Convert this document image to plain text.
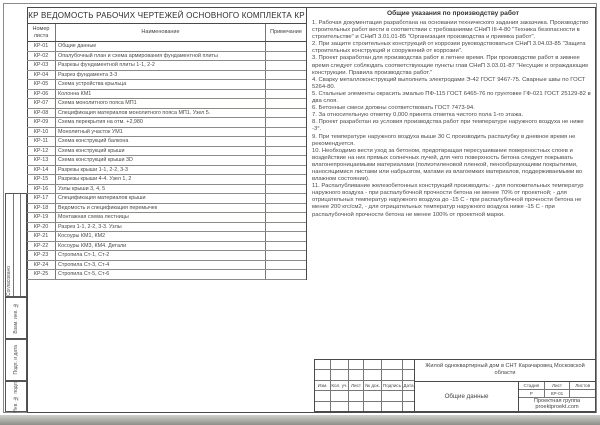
КР ВЕДОМОСТЬ РАБОЧИХ ЧЕРТЕЖЕЙ ОСНОВНОГО КОМПЛЕКТА КР
Номер листа
Наименование	Примечание
КР-01	Общие данные
КР-02	Опалубочный план и схема армирования фундаментной плиты
КР-03	Разрезы фундаментной плиты 1-1, 2-2
КР-04	Разрез фундамента 3-3
КР-05	Схема устройства крыльца
КР-06	Колонна КМ1
КР-07	Схема монолитного пояса МП1
КР-08	Спецификация материалов монолитного пояса МП1. Узел 5.
КР-09	Схема перекрытия на отм. +2,980
КР-10	Монолитный участок УМ1
КР-11	Схема конструкций балкона
КР-12	Схема конструкций крыши
КР-13	Схема конструкций крыши 3D
КР-14	Разрезы крыши 1-1, 2-2, 3-3
КР-15	Разрезы крыши 4-4. Узел 1, 2
КР-16	Узлы крыши 3, 4, 5
КР-17	Спецификация материалов крыши
КР-18	Ведомость и спецификация перемычек
КР-19	Монтажная схема лестницы
КР-20	Разрез 1-1, 2-2, 3-3. Узлы
КР-21	Косоуры КМ1, КМ2
КР-22	Косоуры КМ3, КМ4. Детали
КР-23	Стропила Ст-1, Ст-2
КР-24	Стропила Ст-3, Ст-4
КР-25	Стропила Ст-5, Ст-6
Общие указания по производству работ
1. Рабочая документация разработана на основании технического задания заказчика. Производство строительных работ вести в соответствии с требованиями СНиП III-4-80 "Техника безопасности в строительстве" и СНиП 3.01.01-85 "Организация производства и приемка работ".
2. При защите строительных конструкций от коррозии руководствоваться СНиП 3.04.03-85 "Защита строительных конструкций и сооружений от коррозии".
3. Проект разработан для производства работ в летнее время. При производстве работ в зимнее время следует соблюдать соответствующие пункты глав СНиП 3.03.01-87 "Несущие и ограждающие конструкции. Правила производства работ."
4. Сварку металлоконструкций выполнить электродами Э-42 ГОСТ 9467-75. Сварные швы по ГОСТ 5264-80.
5. Стальные элементы окрасить эмалью ПФ-115 ГОСТ 6465-76 по грунтовке ГФ-021 ГОСТ 25129-82 в два слоя.
6. Бетонные смеси должны соответствовать ГОСТ 7473-94.
7. За относительную отметку 0,000 принята отметка чистого пола 1-го этажа.
8. Проект разработан из условия производства работ при температуре наружного воздуха не ниже -3°.
9. При температуре наружного воздуха выше 30 С производить распалубку в дневное время не рекомендуется.
10. Необходимо вести уход за бетоном, предотвращая пересушивание поверхностных слоев и воздействие на них прямых солнечных лучей, для чего поверхность бетона следует покрывать влагонепроницаемыми материалами (полиэтиленовой пленкой, пенообразующими покрытиями, наносящимися листами или набрызгом, матами из влагоемких материалов, поддерживаемыми во влажном состоянии).
11. Распалубливание железобетонных конструкций производить: - для положительных температур наружного воздуха - при распалубочной прочности бетона не менее 70% от проектной; - для отрицательных температур наружного воздуха до -15 С - при распалубочной прочности бетона не менее 200 кгс/см2, - для отрицательных температур наружного воздуха ниже -15 С - при распалубочной прочности бетона не менее 100% от проектной марки.
Согласовано
Взам. инв. №
Подп. и дата
Инв. № подл.	Изм. Кол. уч. Лист № док. Подпись Дата
Жилой одноквартирный дом в СНТ Карачаровец Московской области
Общие данные
Стадия	Лист	Листов
Р	КР-01
Проектная группа
proektproekt.com
